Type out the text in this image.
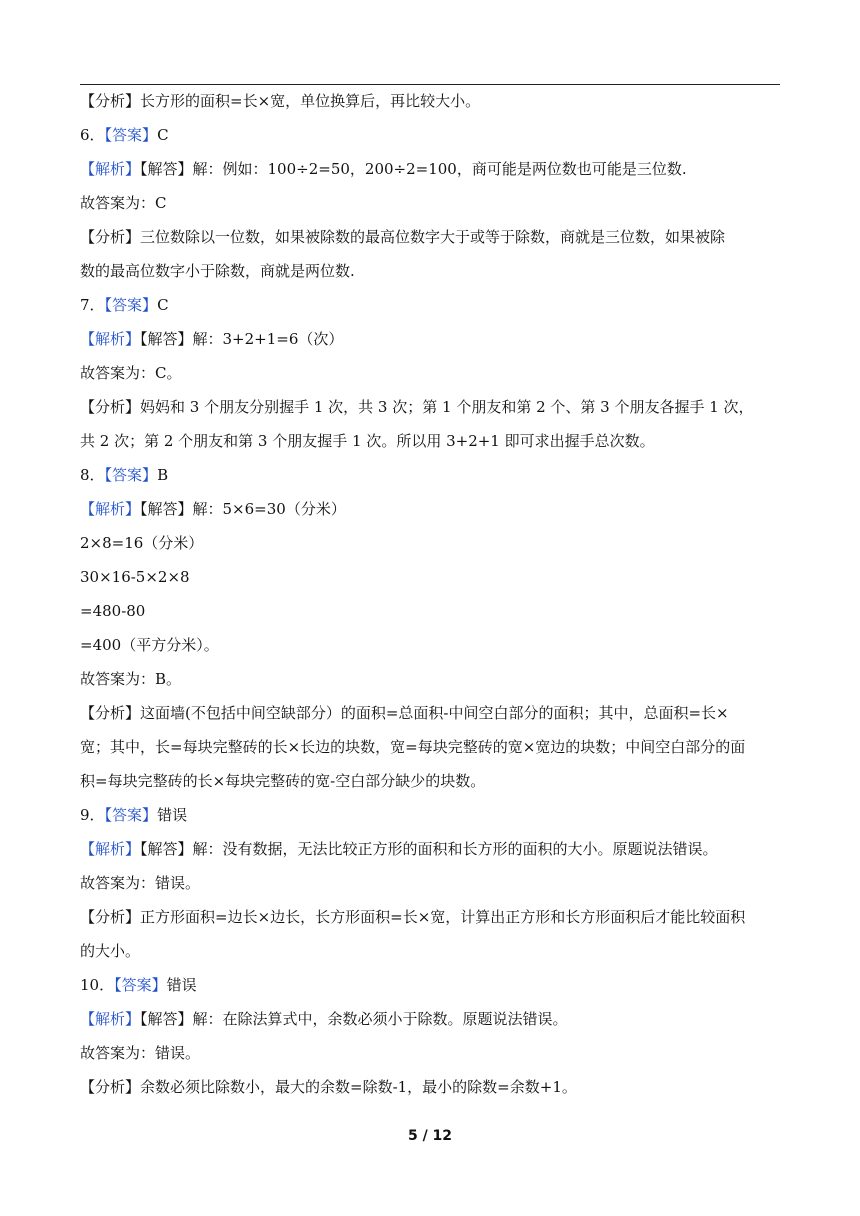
【分析】长方形的面积=长×宽，单位换算后，再比较大小。
6．【答案】C
【解析】【解答】解：例如：100÷2=50，200÷2=100，商可能是两位数也可能是三位数.
故答案为：C
【分析】三位数除以一位数，如果被除数的最高位数字大于或等于除数，商就是三位数，如果被除
数的最高位数字小于除数，商就是两位数.
7．【答案】C
【解析】【解答】解：3+2+1=6（次）
故答案为：C。
【分析】妈妈和 3 个朋友分别握手 1 次，共 3 次；第 1 个朋友和第 2 个、第 3 个朋友各握手 1 次，
共 2 次；第 2 个朋友和第 3 个朋友握手 1 次。所以用 3+2+1 即可求出握手总次数。
8．【答案】B
【解析】【解答】解：5×6=30（分米）
2×8=16（分米）
30×16-5×2×8
=480-80
=400（平方分米）。
故答案为：B。
【分析】这面墙(不包括中间空缺部分）的面积=总面积-中间空白部分的面积；其中，总面积=长×
宽；其中，长=每块完整砖的长×长边的块数，宽=每块完整砖的宽×宽边的块数；中间空白部分的面
积=每块完整砖的长×每块完整砖的宽-空白部分缺少的块数。
9．【答案】错误
【解析】【解答】解：没有数据，无法比较正方形的面积和长方形的面积的大小。原题说法错误。
故答案为：错误。
【分析】正方形面积=边长×边长，长方形面积=长×宽，计算出正方形和长方形面积后才能比较面积
的大小。
10．【答案】错误
【解析】【解答】解：在除法算式中，余数必须小于除数。原题说法错误。
故答案为：错误。
【分析】余数必须比除数小，最大的余数=除数-1，最小的除数=余数+1。
5 / 12
